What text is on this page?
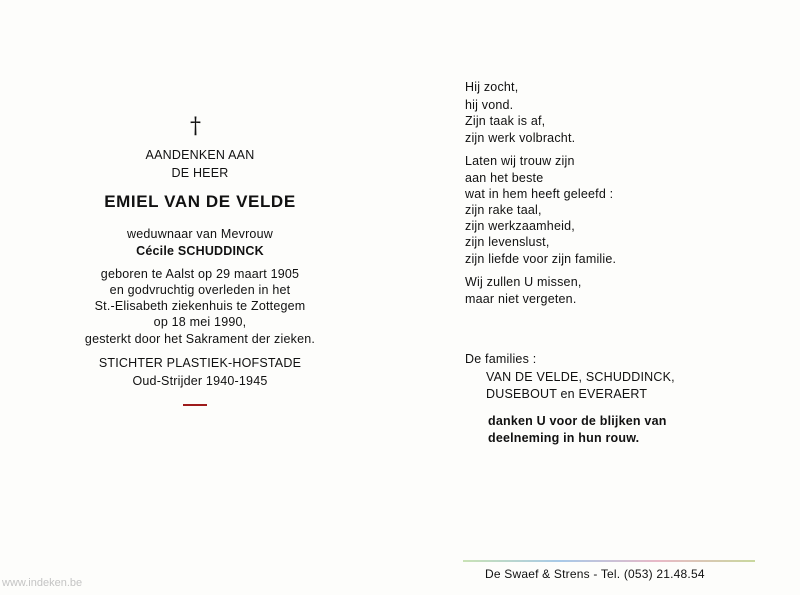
†
AANDENKEN AAN
DE HEER
EMIEL VAN DE VELDE
weduwnaar van Mevrouw
Cécile SCHUDDINCK
geboren te Aalst op 29 maart 1905
en godvruchtig overleden in het
St.-Elisabeth ziekenhuis te Zottegem
op 18 mei 1990,
gesterkt door het Sakrament der zieken.
STICHTER PLASTIEK-HOFSTADE
Oud-Strijder 1940-1945
Hij zocht,
hij vond.
Zijn taak is af,
zijn werk volbracht.
Laten wij trouw zijn
aan het beste
wat in hem heeft geleefd :
zijn rake taal,
zijn werkzaamheid,
zijn levenslust,
zijn liefde voor zijn familie.
Wij zullen U missen,
maar niet vergeten.
De families :
VAN DE VELDE, SCHUDDINCK,
DUSEBOUT en EVERAERT
danken U voor de blijken van
deelneming in hun rouw.
De Swaef & Strens - Tel. (053) 21.48.54
www.indeken.be
